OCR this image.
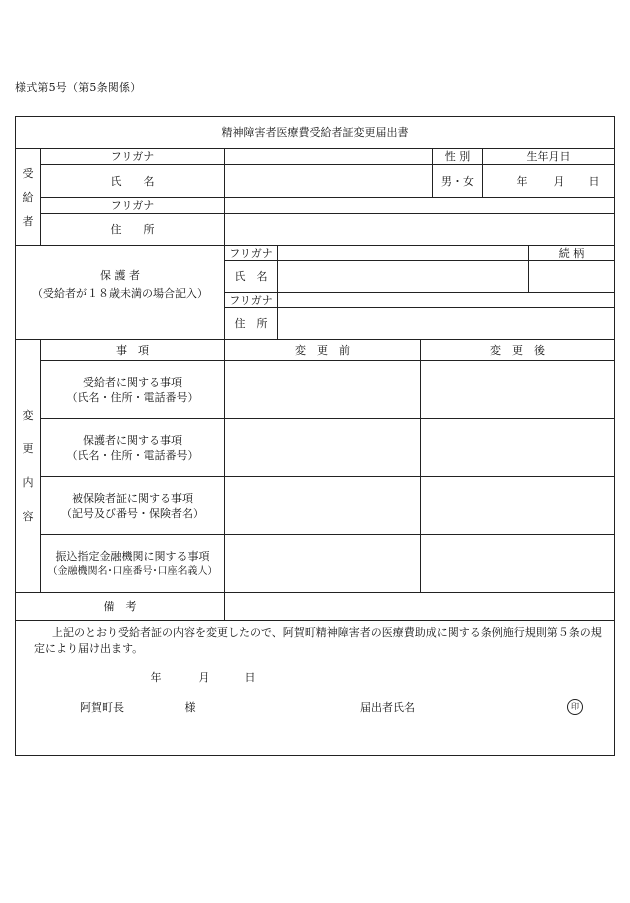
様式第5号（第5条関係）
精神障害者医療費受給者証変更届出書
受
給
者
フリガナ	性 別	生年月日
氏　　名	男・女	年	月	日
フリガナ
住　　所
保 護 者
（受給者が１８歳未満の場合記入）
フリガナ	続 柄
氏　名
フリガナ
住　所
変
更
内
容
事　項	変　更　前	変　更　後
受給者に関する事項
（氏名・住所・電話番号）
保護者に関する事項
（氏名・住所・電話番号）
被保険者証に関する事項
（記号及び番号・保険者名）
振込指定金融機関に関する事項
（金融機関名･口座番号･口座名義人）
備　考
上記のとおり受給者証の内容を変更したので、阿賀町精神障害者の医療費助成に関する条例施行規則第５条の規定により届け出ます。
年	月	日
阿賀町長	様	届出者氏名	印
